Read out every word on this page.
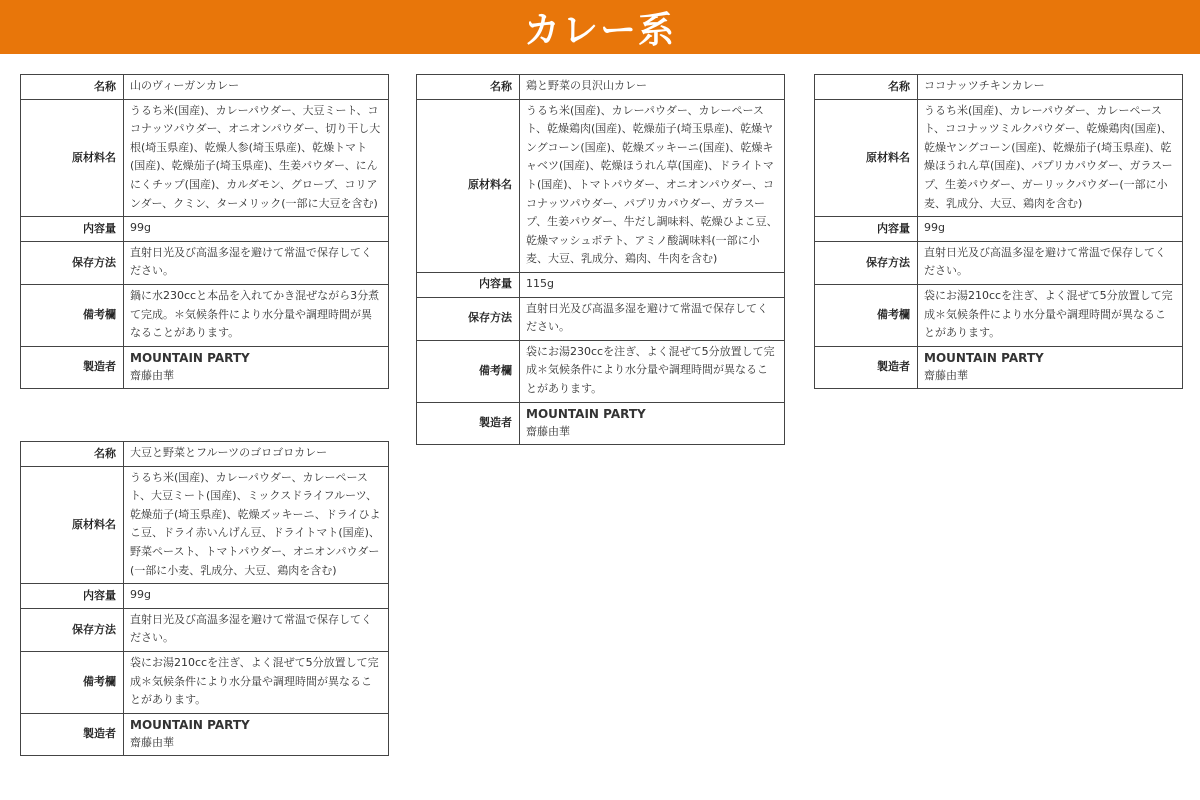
カレー系
名称	山のヴィーガンカレー
原材料名	うるち米(国産)、カレーパウダー、大豆ミート、ココナッツパウダー、オニオンパウダー、切り干し大根(埼玉県産)、乾燥人参(埼玉県産)、乾燥トマト(国産)、乾燥茄子(埼玉県産)、生姜パウダー、にんにくチップ(国産)、カルダモン、グローブ、コリアンダー、クミン、ターメリック(一部に大豆を含む)
内容量	99g
保存方法	直射日光及び高温多湿を避けて常温で保存してください。
備考欄	鍋に水230ccと本品を入れてかき混ぜながら3分煮て完成。＊気候条件により水分量や調理時間が異なることがあります。
製造者	MOUNTAIN PARTY
齋藤由華
名称	鶏と野菜の貝沢山カレー
原材料名	うるち米(国産)、カレーパウダー、カレーペースト、乾燥鶏肉(国産)、乾燥茄子(埼玉県産)、乾燥ヤングコーン(国産)、乾燥ズッキーニ(国産)、乾燥キャベツ(国産)、乾燥ほうれん草(国産)、ドライトマト(国産)、トマトパウダー、オニオンパウダー、ココナッツパウダー、パプリカパウダー、ガラスープ、生姜パウダー、牛だし調味料、乾燥ひよこ豆、乾燥マッシュポテト、アミノ酸調味料(一部に小麦、大豆、乳成分、鶏肉、牛肉を含む)
内容量	115g
保存方法	直射日光及び高温多湿を避けて常温で保存してください。
備考欄	袋にお湯230ccを注ぎ、よく混ぜて5分放置して完成＊気候条件により水分量や調理時間が異なることがあります。
製造者	MOUNTAIN PARTY
齋藤由華
名称	ココナッツチキンカレー
原材料名	うるち米(国産)、カレーパウダー、カレーペースト、ココナッツミルクパウダー、乾燥鶏肉(国産)、乾燥ヤングコーン(国産)、乾燥茄子(埼玉県産)、乾燥ほうれん草(国産)、パプリカパウダー、ガラスープ、生姜パウダー、ガーリックパウダー(一部に小麦、乳成分、大豆、鶏肉を含む)
内容量	99g
保存方法	直射日光及び高温多湿を避けて常温で保存してください。
備考欄	袋にお湯210ccを注ぎ、よく混ぜて5分放置して完成＊気候条件により水分量や調理時間が異なることがあります。
製造者	MOUNTAIN PARTY
齋藤由華
名称	大豆と野菜とフルーツのゴロゴロカレー
原材料名	うるち米(国産)、カレーパウダー、カレーペースト、大豆ミート(国産)、ミックスドライフルーツ、乾燥茄子(埼玉県産)、乾燥ズッキーニ、ドライひよこ豆、ドライ赤いんげん豆、ドライトマト(国産)、野菜ペースト、トマトパウダー、オニオンパウダー(一部に小麦、乳成分、大豆、鶏肉を含む)
内容量	99g
保存方法	直射日光及び高温多湿を避けて常温で保存してください。
備考欄	袋にお湯210ccを注ぎ、よく混ぜて5分放置して完成＊気候条件により水分量や調理時間が異なることがあります。
製造者	MOUNTAIN PARTY
齋藤由華
